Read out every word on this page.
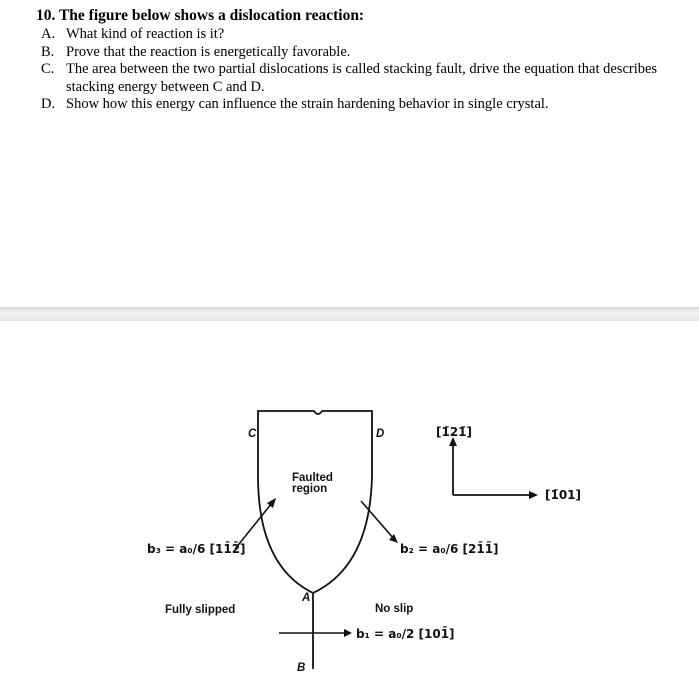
10. The figure below shows a dislocation reaction:

A. What kind of reaction is it?
B. Prove that the reaction is energetically favorable.
C. The area between the two partial dislocations is called stacking fault, drive the equation that describes stacking energy between C and D.
D. Show how this energy can influence the strain hardening behavior in single crystal.
C	D
A
B
Faulted
region
Fully slipped	No slip
b₃ = a₀/6 [11̄2̄]	b₂ = a₀/6 [21̄1̄]
b₁ = a₀/2 [101̄]
[1̄21̄]
[1̄01]
